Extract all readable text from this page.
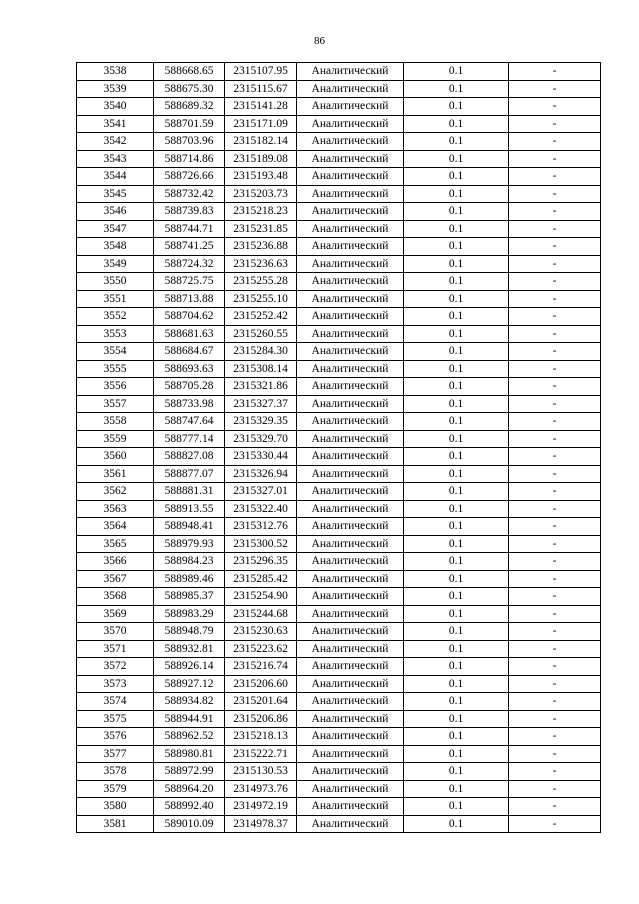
86
3538	588668.65	2315107.95	Аналитический	0.1	-
3539	588675.30	2315115.67	Аналитический	0.1	-
3540	588689.32	2315141.28	Аналитический	0.1	-
3541	588701.59	2315171.09	Аналитический	0.1	-
3542	588703.96	2315182.14	Аналитический	0.1	-
3543	588714.86	2315189.08	Аналитический	0.1	-
3544	588726.66	2315193.48	Аналитический	0.1	-
3545	588732.42	2315203.73	Аналитический	0.1	-
3546	588739.83	2315218.23	Аналитический	0.1	-
3547	588744.71	2315231.85	Аналитический	0.1	-
3548	588741.25	2315236.88	Аналитический	0.1	-
3549	588724.32	2315236.63	Аналитический	0.1	-
3550	588725.75	2315255.28	Аналитический	0.1	-
3551	588713.88	2315255.10	Аналитический	0.1	-
3552	588704.62	2315252.42	Аналитический	0.1	-
3553	588681.63	2315260.55	Аналитический	0.1	-
3554	588684.67	2315284.30	Аналитический	0.1	-
3555	588693.63	2315308.14	Аналитический	0.1	-
3556	588705.28	2315321.86	Аналитический	0.1	-
3557	588733.98	2315327.37	Аналитический	0.1	-
3558	588747.64	2315329.35	Аналитический	0.1	-
3559	588777.14	2315329.70	Аналитический	0.1	-
3560	588827.08	2315330.44	Аналитический	0.1	-
3561	588877.07	2315326.94	Аналитический	0.1	-
3562	588881.31	2315327.01	Аналитический	0.1	-
3563	588913.55	2315322.40	Аналитический	0.1	-
3564	588948.41	2315312.76	Аналитический	0.1	-
3565	588979.93	2315300.52	Аналитический	0.1	-
3566	588984.23	2315296.35	Аналитический	0.1	-
3567	588989.46	2315285.42	Аналитический	0.1	-
3568	588985.37	2315254.90	Аналитический	0.1	-
3569	588983.29	2315244.68	Аналитический	0.1	-
3570	588948.79	2315230.63	Аналитический	0.1	-
3571	588932.81	2315223.62	Аналитический	0.1	-
3572	588926.14	2315216.74	Аналитический	0.1	-
3573	588927.12	2315206.60	Аналитический	0.1	-
3574	588934.82	2315201.64	Аналитический	0.1	-
3575	588944.91	2315206.86	Аналитический	0.1	-
3576	588962.52	2315218.13	Аналитический	0.1	-
3577	588980.81	2315222.71	Аналитический	0.1	-
3578	588972.99	2315130.53	Аналитический	0.1	-
3579	588964.20	2314973.76	Аналитический	0.1	-
3580	588992.40	2314972.19	Аналитический	0.1	-
3581	589010.09	2314978.37	Аналитический	0.1	-
